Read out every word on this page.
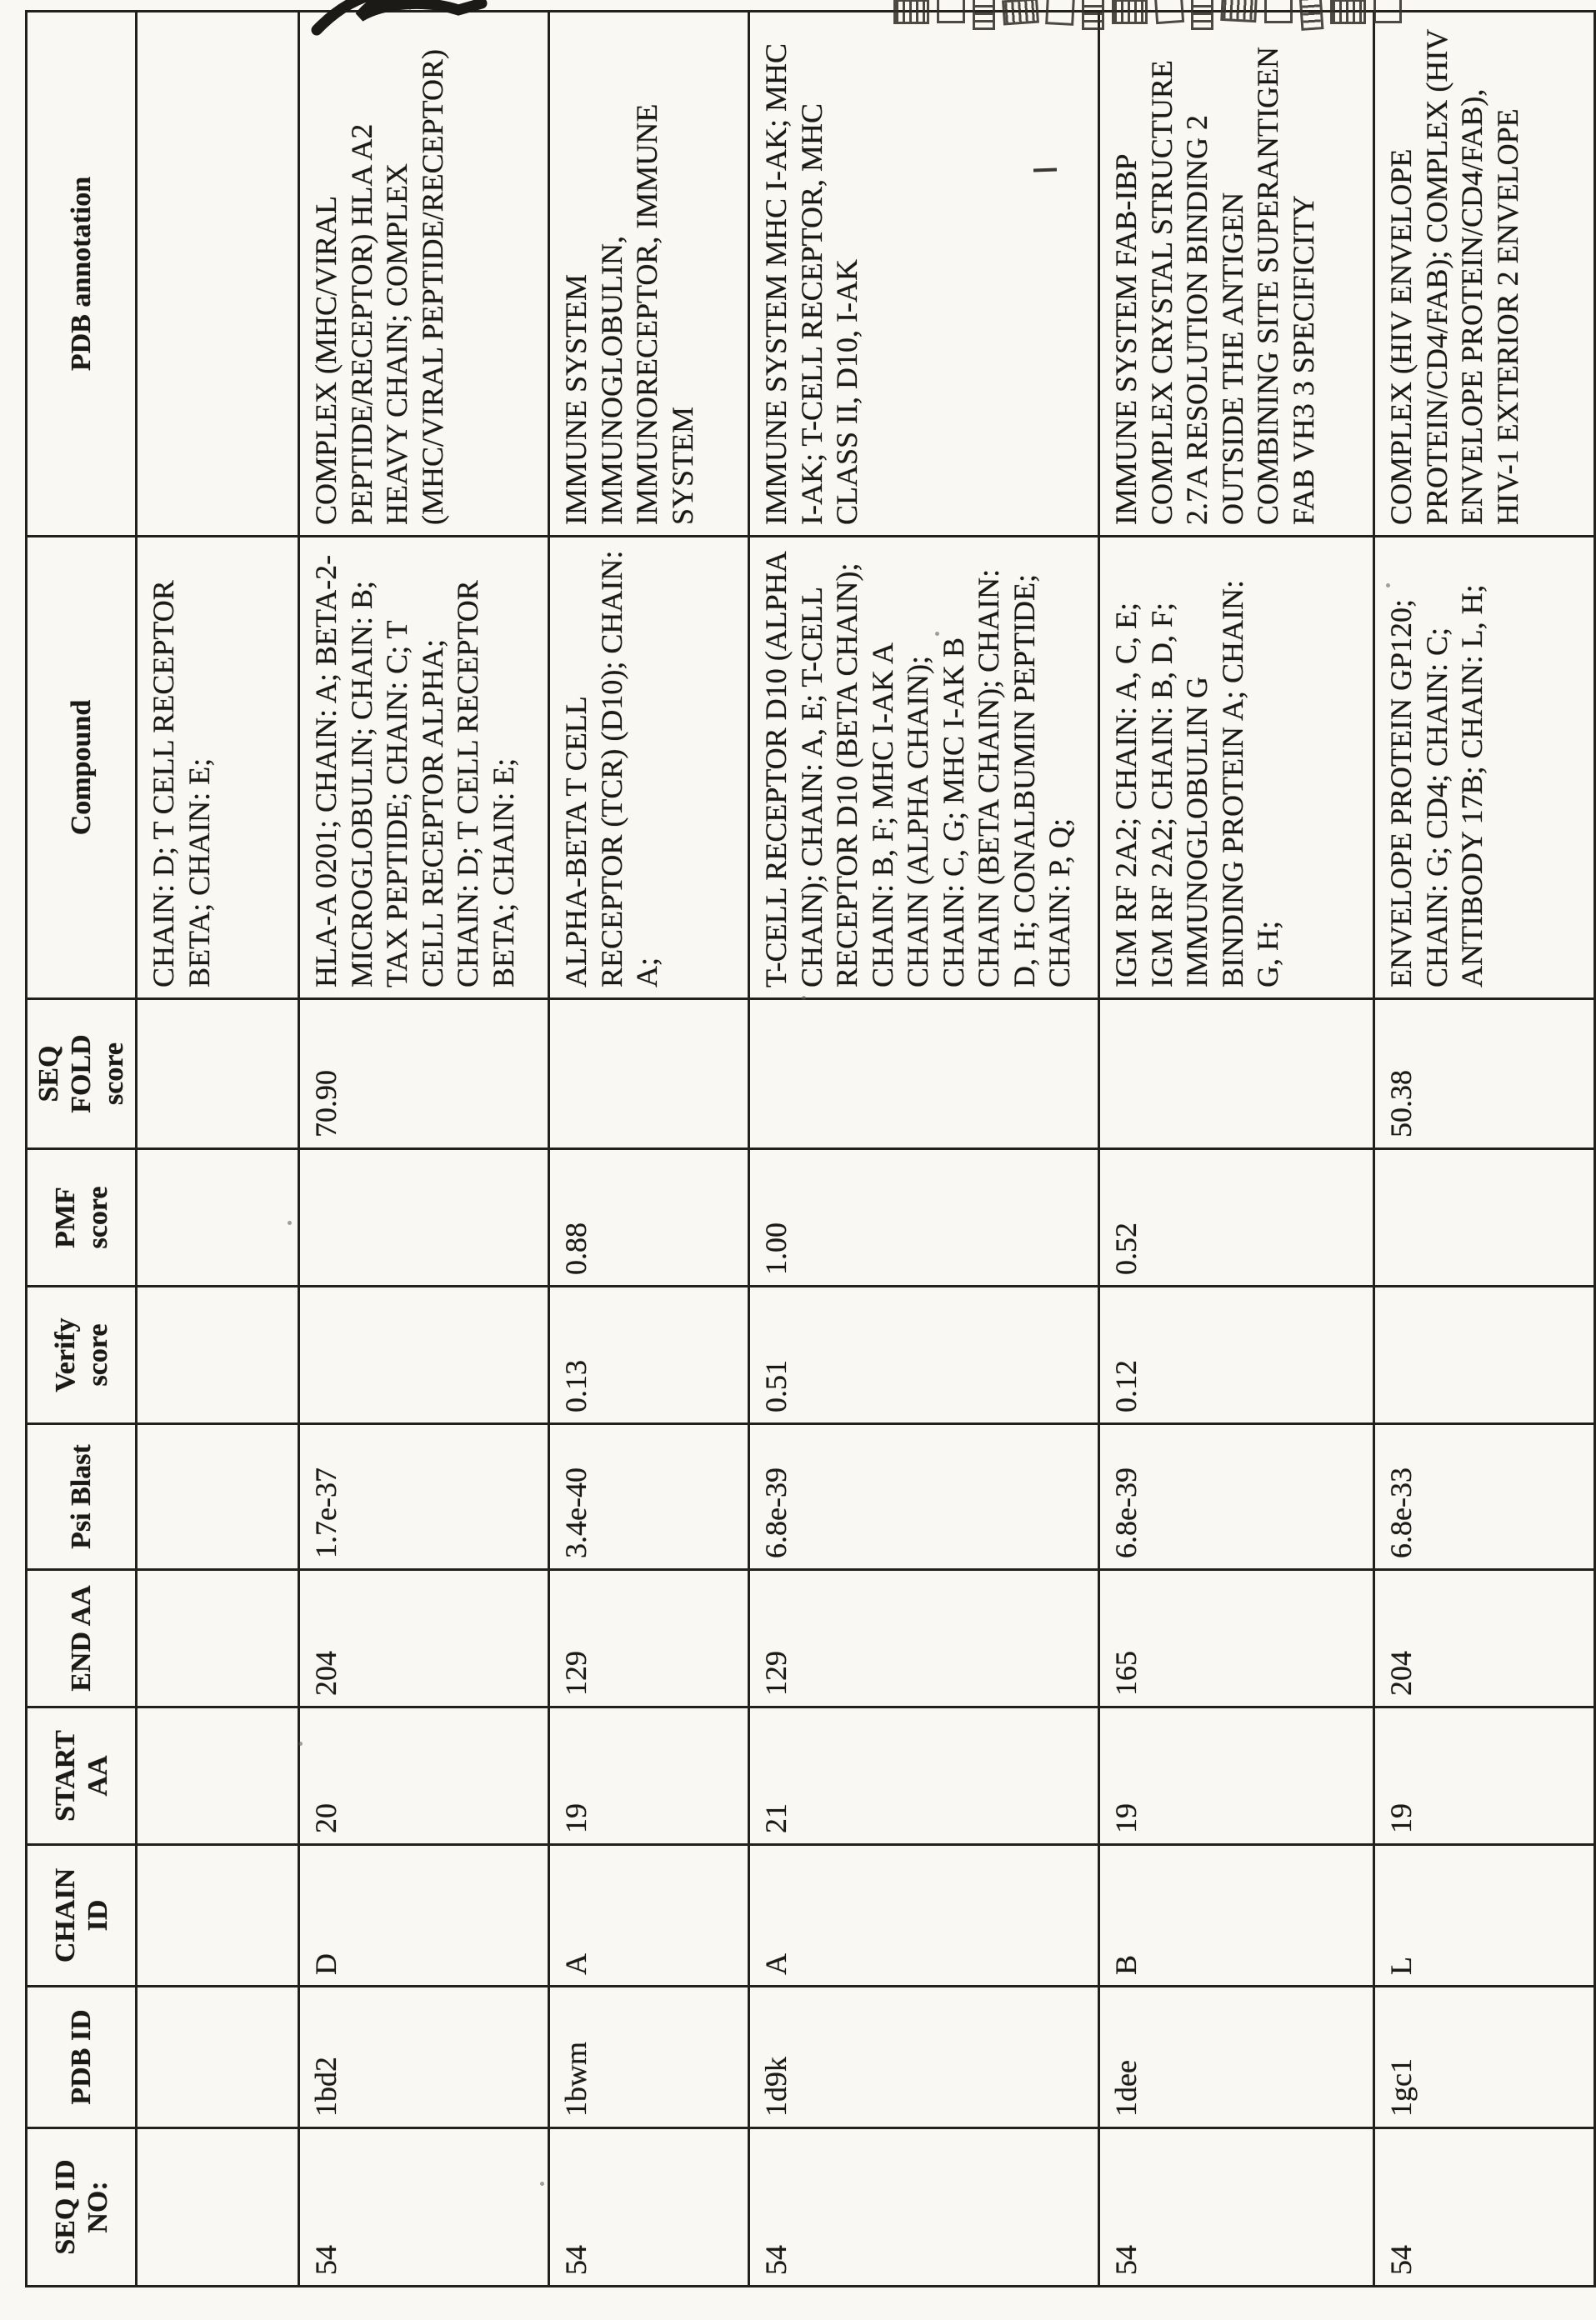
SEQ ID NO:	PDB ID	CHAIN ID	START AA	END AA	Psi Blast	Verify score	PMF score	SEQ FOLD score	Compound	PDB annotation
									CHAIN: D; T CELL RECEPTOR BETA; CHAIN: E;	
54	1bd2	D	20	204	1.7e-37			70.90	HLA-A 0201; CHAIN: A; BETA-2-MICROGLOBULIN; CHAIN: B; TAX PEPTIDE; CHAIN: C; T CELL RECEPTOR ALPHA; CHAIN: D; T CELL RECEPTOR BETA; CHAIN: E;	COMPLEX (MHC/VIRAL PEPTIDE/RECEPTOR) HLA A2 HEAVY CHAIN; COMPLEX (MHC/VIRAL PEPTIDE/RECEPTOR)
54	1bwm	A	19	129	3.4e-40	0.13	0.88		ALPHA-BETA T CELL RECEPTOR (TCR) (D10); CHAIN: A;	IMMUNE SYSTEM IMMUNOGLOBULIN, IMMUNORECEPTOR, IMMUNE SYSTEM
54	1d9k	A	21	129	6.8e-39	0.51	1.00		T-CELL RECEPTOR D10 (ALPHA CHAIN); CHAIN: A, E; T-CELL RECEPTOR D10 (BETA CHAIN); CHAIN: B, F; MHC I-AK A CHAIN (ALPHA CHAIN); CHAIN: C, G; MHC I-AK B CHAIN (BETA CHAIN); CHAIN: D, H; CONALBUMIN PEPTIDE; CHAIN: P, Q;	IMMUNE SYSTEM MHC I-AK; MHC I-AK; T-CELL RECEPTOR, MHC CLASS II, D10, I-AK
54	1dee	B	19	165	6.8e-39	0.12	0.52		IGM RF 2A2; CHAIN: A, C, E; IGM RF 2A2; CHAIN: B, D, F; IMMUNOGLOBULIN G BINDING PROTEIN A; CHAIN: G, H;	IMMUNE SYSTEM FAB-IBP COMPLEX CRYSTAL STRUCTURE 2.7A RESOLUTION BINDING 2 OUTSIDE THE ANTIGEN COMBINING SITE SUPERANTIGEN FAB VH3 3 SPECIFICITY
54	1gc1	L	19	204	6.8e-33			50.38	ENVELOPE PROTEIN GP120; CHAIN: G; CD4; CHAIN: C; ANTIBODY 17B; CHAIN: L, H;	COMPLEX (HIV ENVELOPE PROTEIN/CD4/FAB); COMPLEX (HIV ENVELOPE PROTEIN/CD4/FAB), HIV-1 EXTERIOR 2 ENVELOPE
